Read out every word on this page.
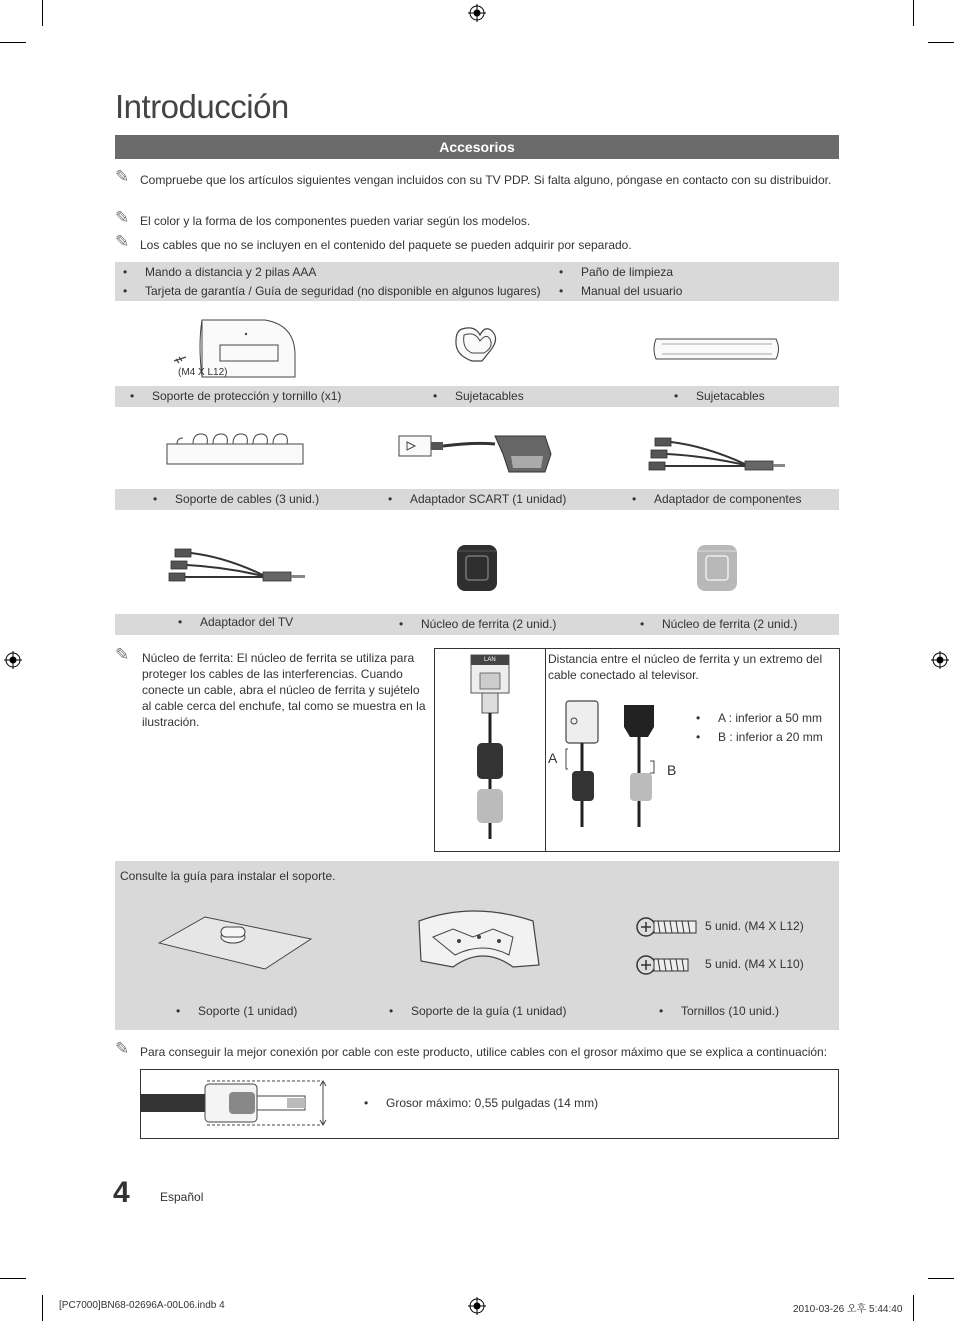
Introducción
Accesorios
✎ Compruebe que los artículos siguientes vengan incluidos con su TV PDP. Si falta alguno, póngase en contacto con su distribuidor.
✎ El color y la forma de los componentes pueden variar según los modelos.
✎ Los cables que no se incluyen en el contenido del paquete se pueden adquirir por separado.
• Mando a distancia y 2 pilas AAA
• Tarjeta de garantía / Guía de seguridad (no disponible en algunos lugares)
• Paño de limpieza
• Manual del usuario
(M4 X L12)
• Soporte de protección y tornillo (x1)	• Sujetacables	• Sujetacables
• Soporte de cables (3 unid.)	• Adaptador SCART (1 unidad)	• Adaptador de componentes
• Adaptador del TV	• Núcleo de ferrita (2 unid.)	• Núcleo de ferrita (2 unid.)
✎	Núcleo de ferrita: El núcleo de ferrita se utiliza para proteger los cables de las interferencias. Cuando conecte un cable, abra el núcleo de ferrita y sujételo al cable cerca del enchufe, tal como se muestra en la ilustración.
LAN	Distancia entre el núcleo de ferrita y un extremo del cable conectado al televisor.
A
B
• A : inferior a 50 mm
• B : inferior a 20 mm
Consulte la guía para instalar el soporte.
5 unid. (M4 X L12)
5 unid. (M4 X L10)
• Soporte (1 unidad)	• Soporte de la guía (1 unidad)	• Tornillos (10 unid.)
✎ Para conseguir la mejor conexión por cable con este producto, utilice cables con el grosor máximo que se explica a continuación:
• Grosor máximo: 0,55 pulgadas (14 mm)
4	Español
[PC7000]BN68-02696A-00L06.indb 4	2010-03-26 오후 5:44:40
